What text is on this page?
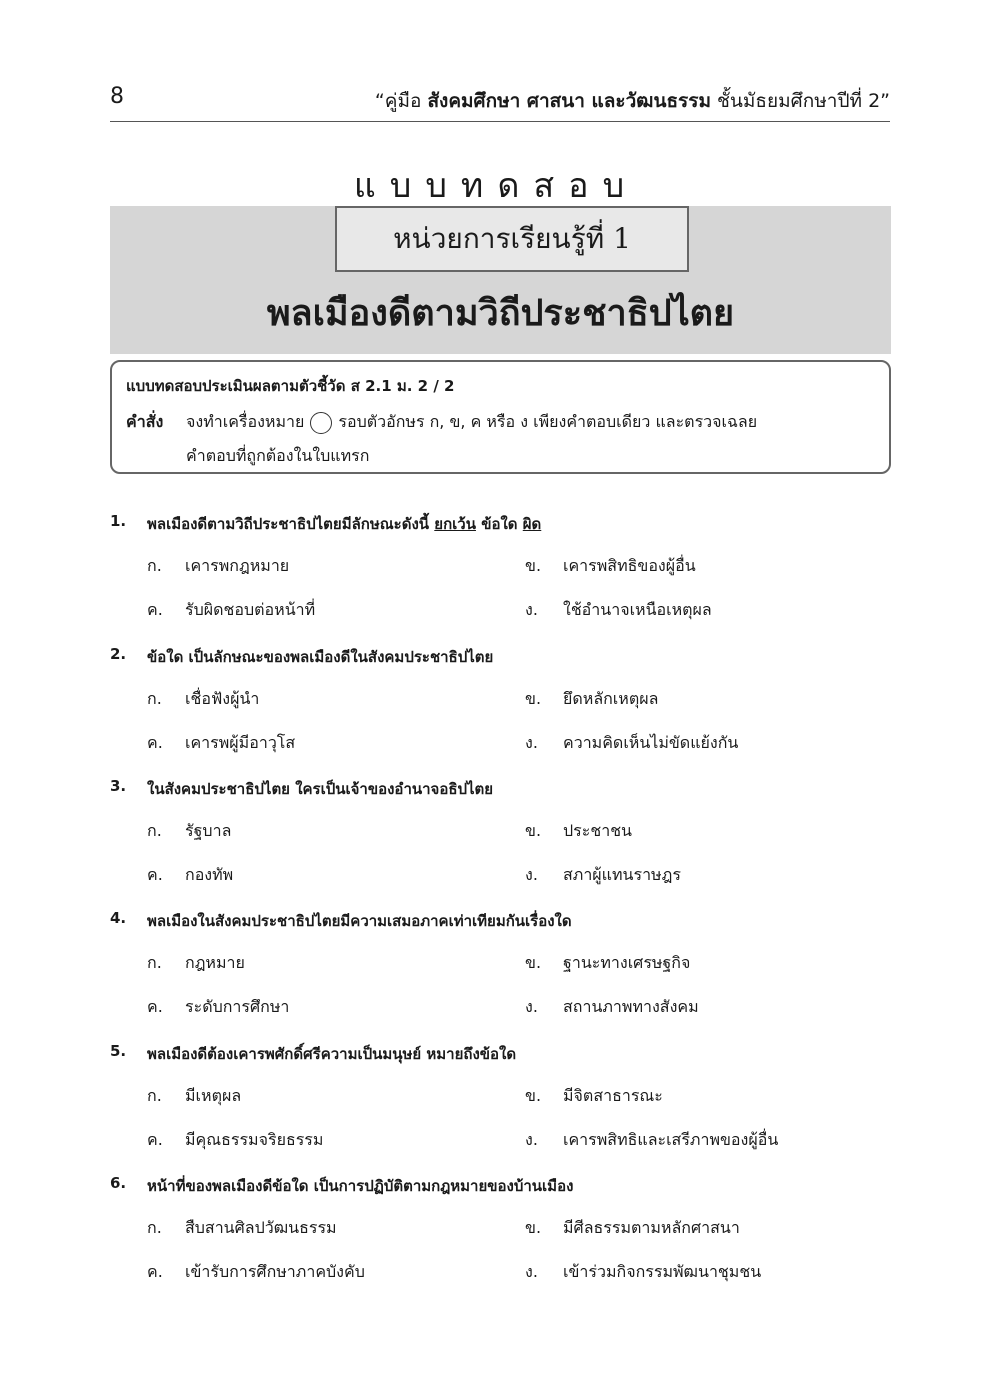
8	“คู่มือ สังคมศึกษา ศาสนา และวัฒนธรรม ชั้นมัธยมศึกษาปีที่ 2”
แบบทดสอบ
หน่วยการเรียนรู้ที่ 1
พลเมืองดีตามวิถีประชาธิปไตย
แบบทดสอบประเมินผลตามตัวชี้วัด ส 2.1 ม. 2 / 2
คำสั่ง จงทำเครื่องหมาย รอบตัวอักษร ก, ข, ค หรือ ง เพียงคำตอบเดียว และตรวจเฉลย
คำตอบที่ถูกต้องในใบแทรก
1. พลเมืองดีตามวิถีประชาธิปไตยมีลักษณะดังนี้ ยกเว้น ข้อใด ผิด
ก. เคารพกฎหมาย	ข. เคารพสิทธิของผู้อื่น
ค. รับผิดชอบต่อหน้าที่	ง. ใช้อำนาจเหนือเหตุผล
2. ข้อใด เป็นลักษณะของพลเมืองดีในสังคมประชาธิปไตย
ก. เชื่อฟังผู้นำ	ข. ยึดหลักเหตุผล
ค. เคารพผู้มีอาวุโส	ง. ความคิดเห็นไม่ขัดแย้งกัน
3. ในสังคมประชาธิปไตย ใครเป็นเจ้าของอำนาจอธิปไตย
ก. รัฐบาล	ข. ประชาชน
ค. กองทัพ	ง. สภาผู้แทนราษฎร
4. พลเมืองในสังคมประชาธิปไตยมีความเสมอภาคเท่าเทียมกันเรื่องใด
ก. กฎหมาย	ข. ฐานะทางเศรษฐกิจ
ค. ระดับการศึกษา	ง. สถานภาพทางสังคม
5. พลเมืองดีต้องเคารพศักดิ์ศรีความเป็นมนุษย์ หมายถึงข้อใด
ก. มีเหตุผล	ข. มีจิตสาธารณะ
ค. มีคุณธรรมจริยธรรม	ง. เคารพสิทธิและเสรีภาพของผู้อื่น
6. หน้าที่ของพลเมืองดีข้อใด เป็นการปฏิบัติตามกฎหมายของบ้านเมือง
ก. สืบสานศิลปวัฒนธรรม	ข. มีศีลธรรมตามหลักศาสนา
ค. เข้ารับการศึกษาภาคบังคับ	ง. เข้าร่วมกิจกรรมพัฒนาชุมชน
